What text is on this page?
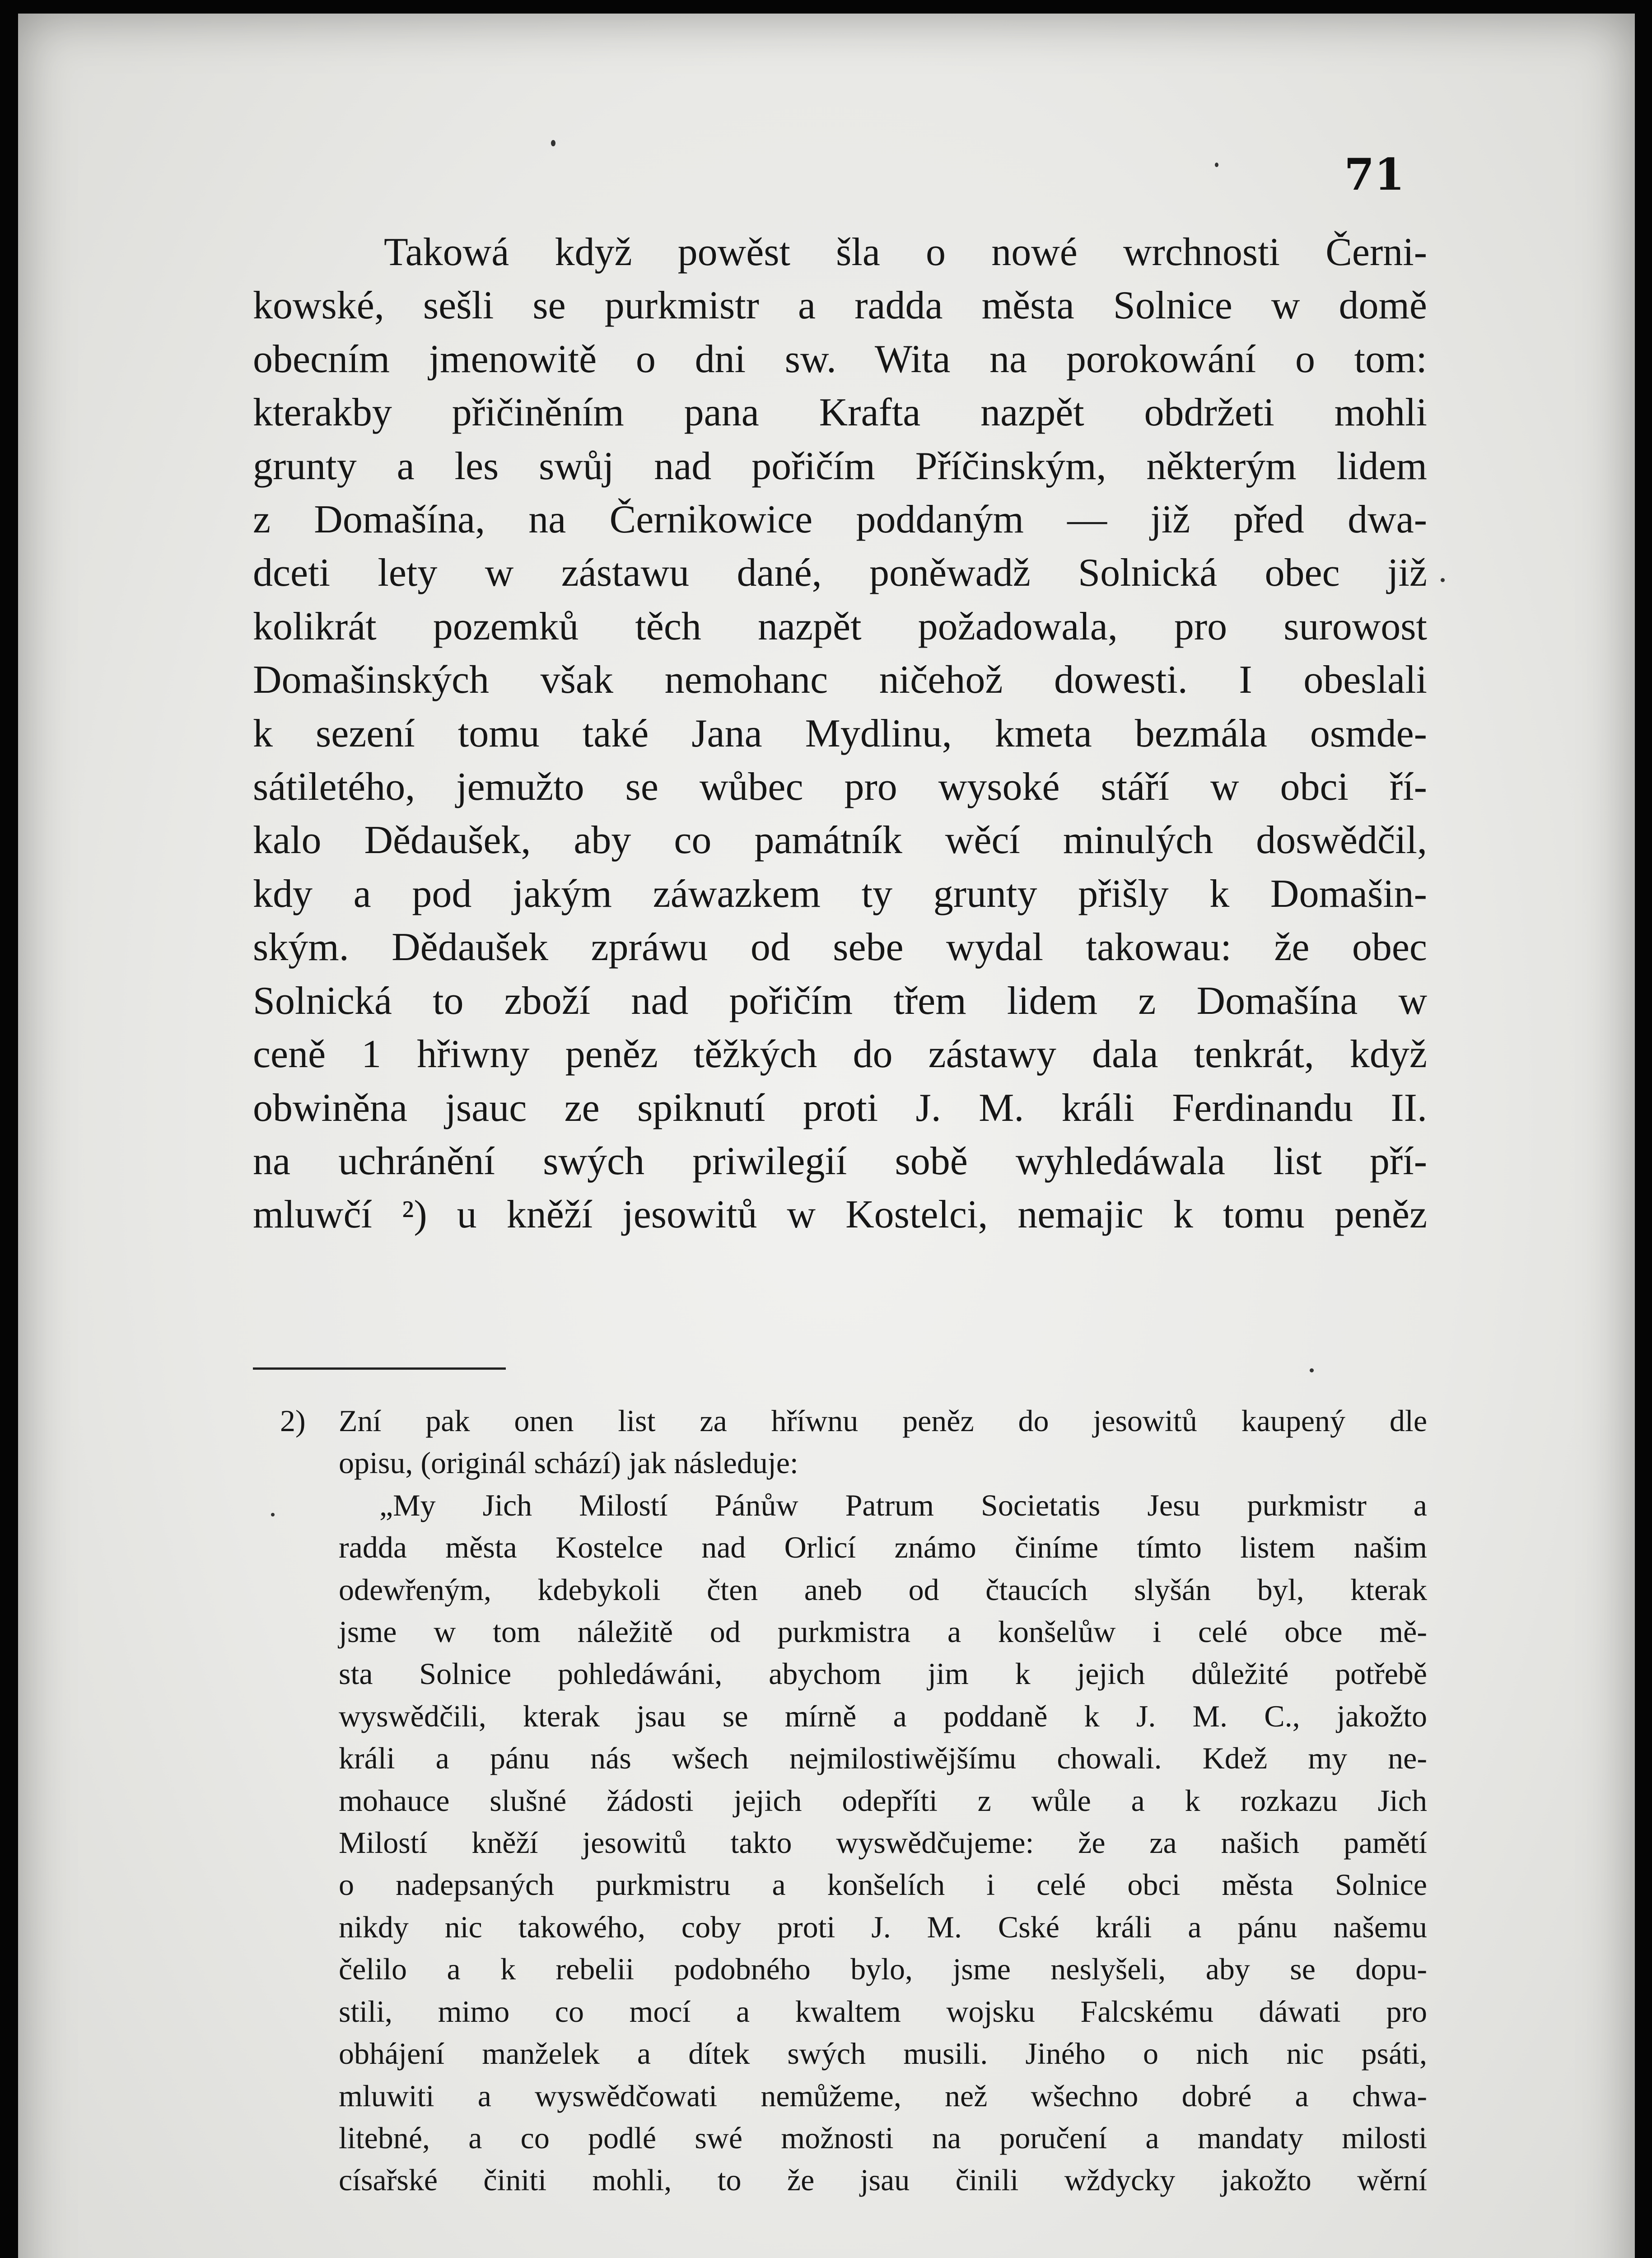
71
Takowá když powěst šla o nowé wrchnosti Černi-
kowské, sešli se purkmistr a radda města Solnice w domě
obecním jmenowitě o dni sw. Wita na porokowání o tom:
kterakby přičiněním pana Krafta nazpět obdržeti mohli
grunty a les swůj nad pořičím Příčinským, některým lidem
z Domašína, na Černikowice poddaným — již před dwa-
dceti lety w zástawu dané, poněwadž Solnická obec již
kolikrát pozemků těch nazpět požadowala, pro surowost
Domašinských však nemohanc ničehož dowesti. I obeslali
k sezení tomu také Jana Mydlinu, kmeta bezmála osmde-
sátiletého, jemužto se wůbec pro wysoké stáří w obci ří-
kalo Dědaušek, aby co památník wěcí minulých doswědčil,
kdy a pod jakým záwazkem ty grunty přišly k Domašin-
ským. Dědaušek zpráwu od sebe wydal takowau: že obec
Solnická to zboží nad pořičím třem lidem z Domašína w
ceně 1 hřiwny peněz těžkých do zástawy dala tenkrát, když
obwiněna jsauc ze spiknutí proti J. M. králi Ferdinandu II.
na uchránění swých priwilegií sobě wyhledáwala list pří-
mluwčí ²) u kněží jesowitů w Kostelci, nemajic k tomu peněz
2) Zní pak onen list za hříwnu peněz do jesowitů kaupený dle
opisu, (originál schází) jak následuje:
„My Jich Milostí Pánůw Patrum Societatis Jesu purkmistr a
radda města Kostelce nad Orlicí známo činíme tímto listem našim
odewřeným, kdebykoli čten aneb od čtaucích slyšán byl, kterak
jsme w tom náležitě od purkmistra a konšelůw i celé obce mě-
sta Solnice pohledáwáni, abychom jim k jejich důležité potřebě
wyswědčili, kterak jsau se mírně a poddaně k J. M. C., jakožto
králi a pánu nás wšech nejmilostiwějšímu chowali. Kdež my ne-
mohauce slušné žádosti jejich odepříti z wůle a k rozkazu Jich
Milostí kněží jesowitů takto wyswědčujeme: že za našich pamětí
o nadepsaných purkmistru a konšelích i celé obci města Solnice
nikdy nic takowého, coby proti J. M. Cské králi a pánu našemu
čelilo a k rebelii podobného bylo, jsme neslyšeli, aby se dopu-
stili, mimo co mocí a kwaltem wojsku Falcskému dáwati pro
obhájení manželek a dítek swých musili. Jiného o nich nic psáti,
mluwiti a wyswědčowati nemůžeme, než wšechno dobré a chwa-
litebné, a co podlé swé možnosti na poručení a mandaty milosti
císařské činiti mohli, to že jsau činili wždycky jakožto wěrní
